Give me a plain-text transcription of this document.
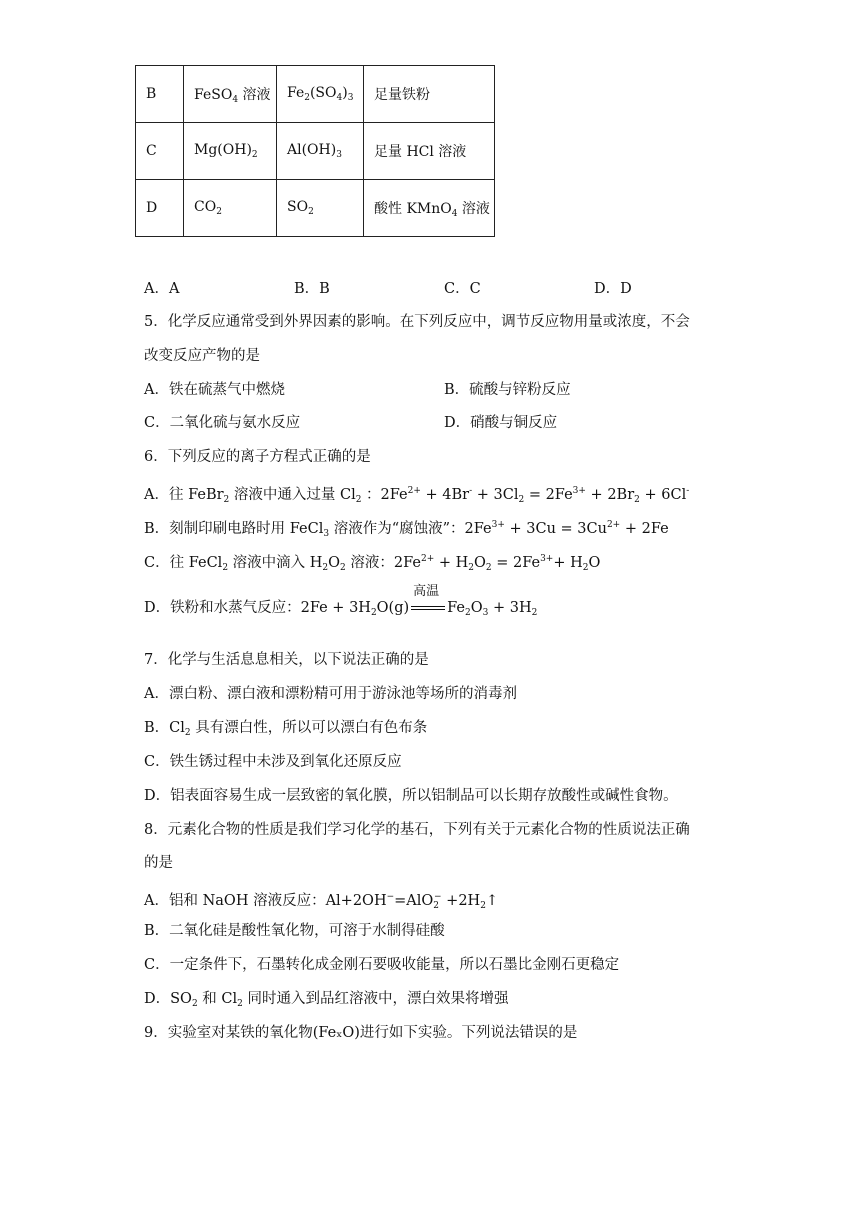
B	FeSO$_4$ 溶液	$Fe_2(SO_4)_3$	足量铁粉
C	$Mg(OH)_2$	$Al(OH)_3$	足量 HCl 溶液
D	$CO_2$	$SO_2$	酸性 KMnO$_4$ 溶液
A．A	B．B	C．C	D．D
5．化学反应通常受到外界因素的影响。在下列反应中，调节反应物用量或浓度，不会
改变反应产物的是
A．铁在硫蒸气中燃烧	B．硫酸与锌粉反应
C．二氧化硫与氨水反应	D．硝酸与铜反应
6．下列反应的离子方程式正确的是
A．往 FeBr$_2$ 溶液中通入过量 $Cl_2$ ：$2Fe^{2+} + 4Br^- + 3Cl_2 = 2Fe^{3+} + 2Br_2 + 6Cl^-$
B．刻制印刷电路时用 FeCl$_3$ 溶液作为“腐蚀液”：$2Fe^{3+} + 3Cu = 3Cu^{2+} + 2Fe$
C．往 FeCl$_2$ 溶液中滴入 $H_2O_2$ 溶液：$2Fe^{2+} + H_2O_2 = 2Fe^{3+}+ H_2O$
D．铁粉和水蒸气反应：$2Fe + 3H_2O(g)$
高温
$Fe_2O_3 + 3H_2$
7．化学与生活息息相关，以下说法正确的是
A．漂白粉、漂白液和漂粉精可用于游泳池等场所的消毒剂
B．$Cl_2$ 具有漂白性，所以可以漂白有色布条
C．铁生锈过程中未涉及到氧化还原反应
D．铝表面容易生成一层致密的氧化膜，所以铝制品可以长期存放酸性或碱性食物。
8．元素化合物的性质是我们学习化学的基石，下列有关于元素化合物的性质说法正确
的是
A．铝和 NaOH 溶液反应：$Al+2OH^-=AlO_2^- +2H_2↑$
B．二氧化硅是酸性氧化物，可溶于水制得硅酸
C．一定条件下，石墨转化成金刚石要吸收能量，所以石墨比金刚石更稳定
D．$SO_2$ 和 $Cl_2$ 同时通入到品红溶液中，漂白效果将增强
9．实验室对某铁的氧化物(FeₓO)进行如下实验。下列说法错误的是
